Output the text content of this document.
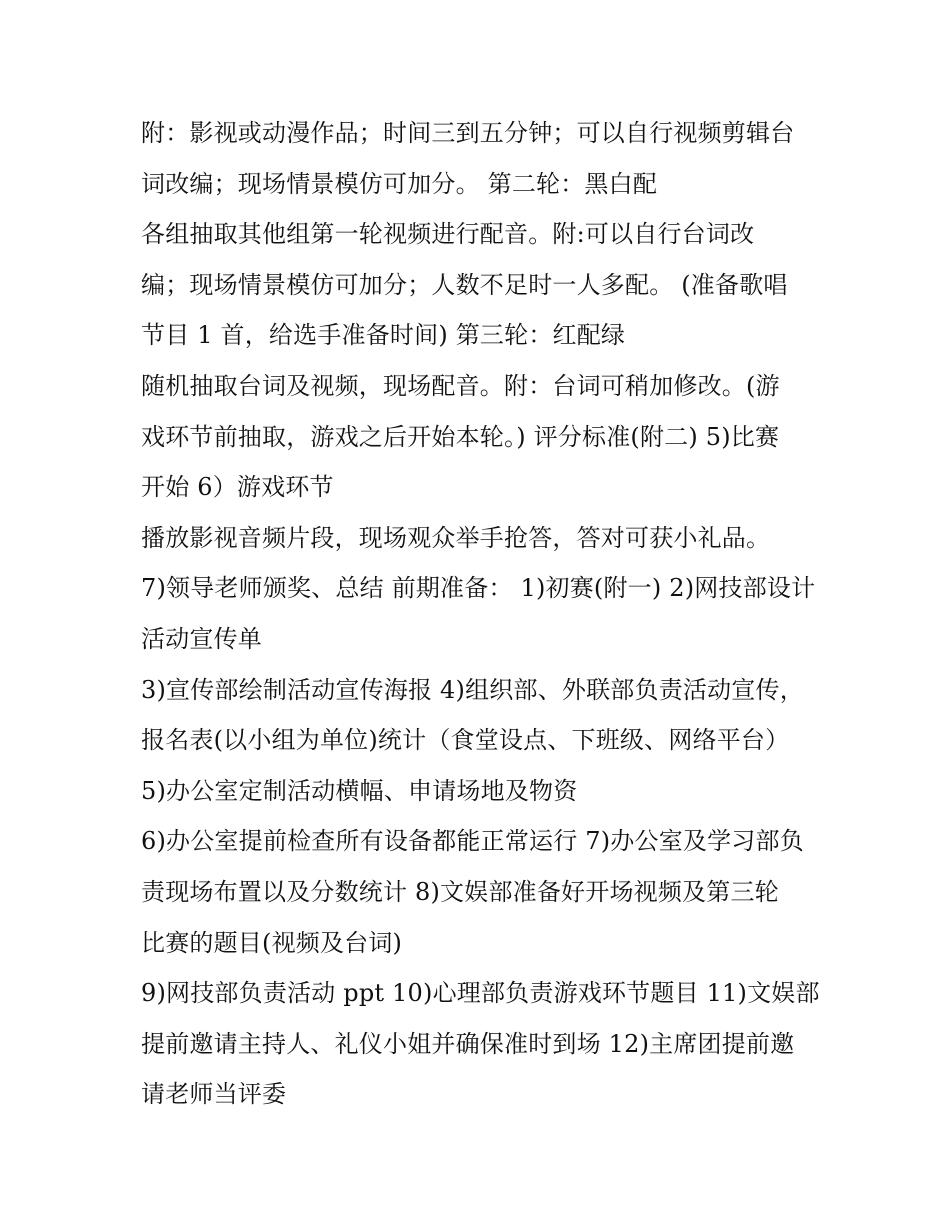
附：影视或动漫作品；时间三到五分钟；可以自行视频剪辑台
词改编；现场情景模仿可加分。 第二轮：黑白配
各组抽取其他组第一轮视频进行配音。附:可以自行台词改
编；现场情景模仿可加分；人数不足时一人多配。 (准备歌唱
节目 1 首，给选手准备时间) 第三轮：红配绿
随机抽取台词及视频，现场配音。附：台词可稍加修改。(游
戏环节前抽取，游戏之后开始本轮。) 评分标准(附二) 5)比赛
开始 6）游戏环节
播放影视音频片段，现场观众举手抢答，答对可获小礼品。
7)领导老师颁奖、总结 前期准备： 1)初赛(附一) 2)网技部设计
活动宣传单
3)宣传部绘制活动宣传海报 4)组织部、外联部负责活动宣传，
报名表(以小组为单位)统计（食堂设点、下班级、网络平台）
5)办公室定制活动横幅、申请场地及物资
6)办公室提前检查所有设备都能正常运行 7)办公室及学习部负
责现场布置以及分数统计 8)文娱部准备好开场视频及第三轮
比赛的题目(视频及台词)
9)网技部负责活动 ppt 10)心理部负责游戏环节题目 11)文娱部
提前邀请主持人、礼仪小姐并确保准时到场 12)主席团提前邀
请老师当评委
